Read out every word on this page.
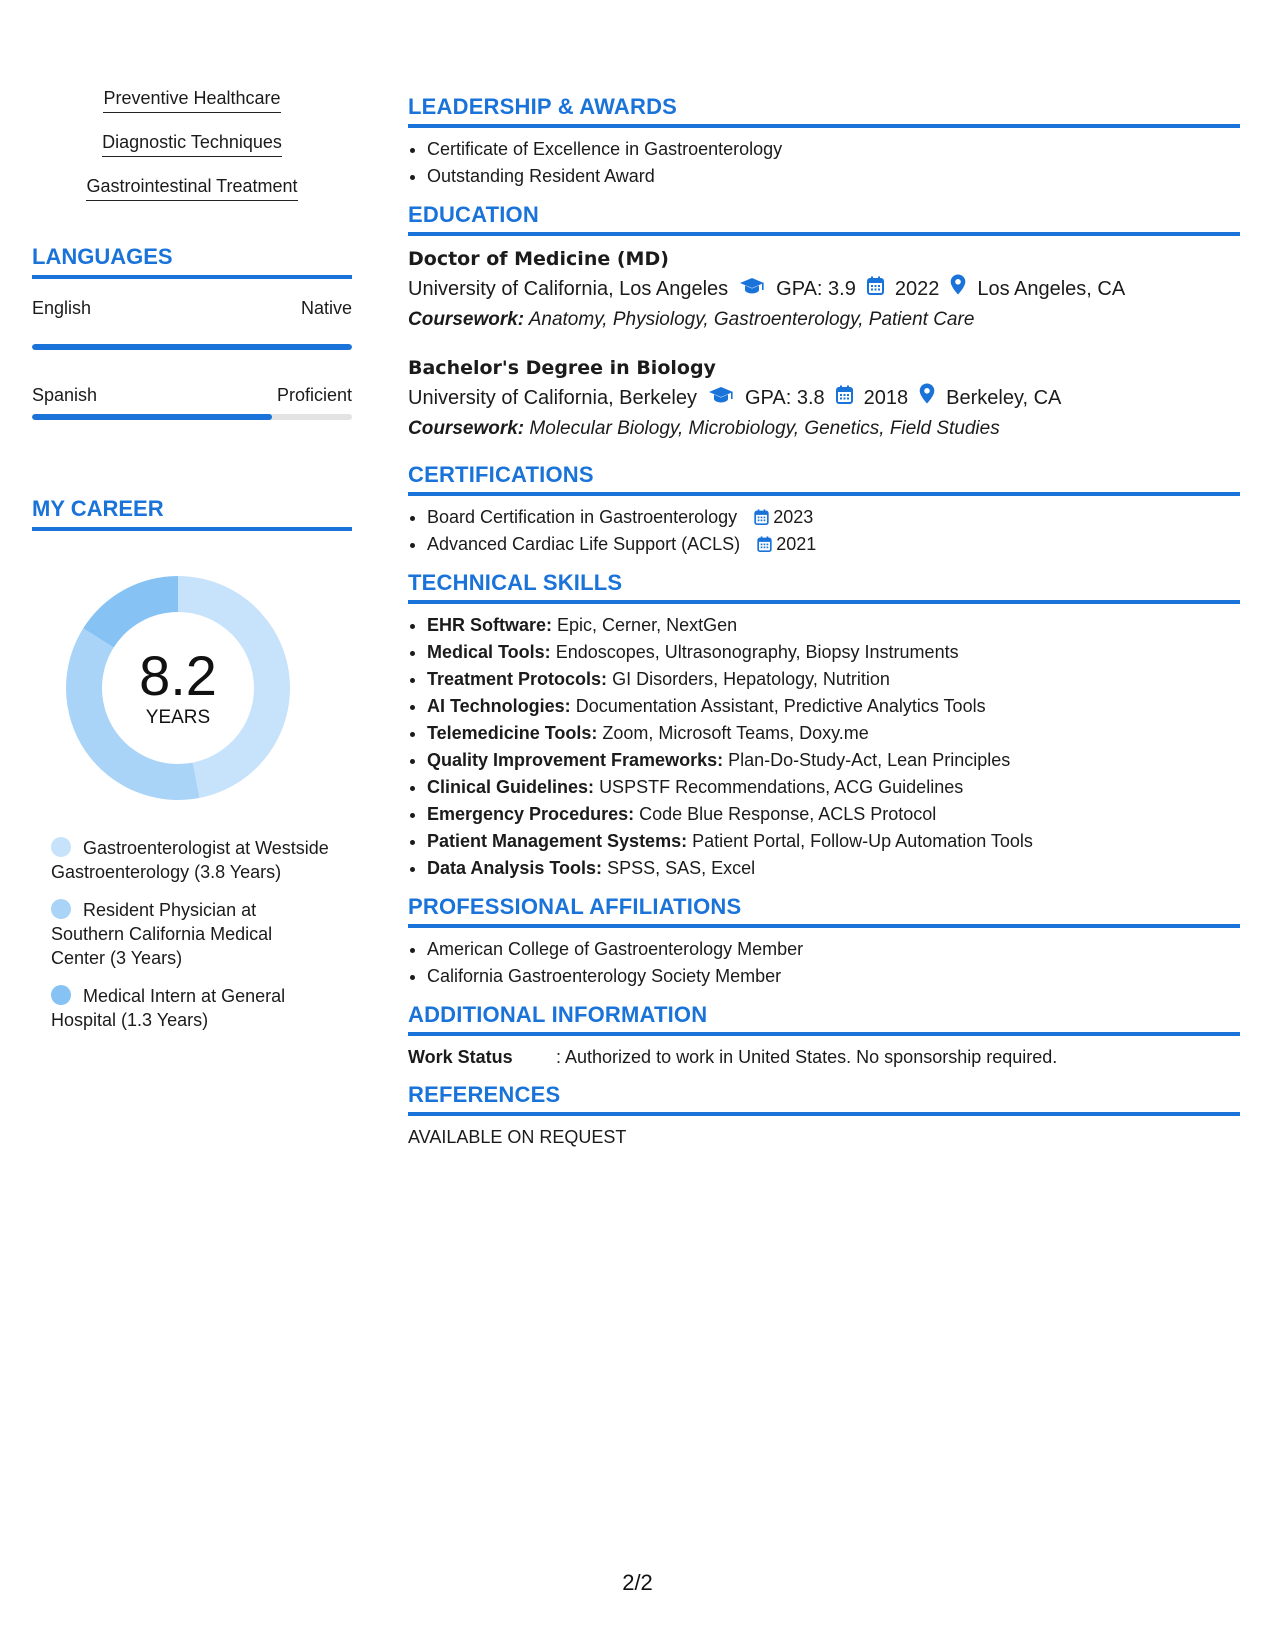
Preventive Healthcare
Diagnostic Techniques
Gastrointestinal Treatment
LANGUAGES
English	Native
Spanish	Proficient
MY CAREER
8.2
YEARS
Gastroenterologist at Westside Gastroenterology (3.8 Years)
Resident Physician at Southern California Medical Center (3 Years)
Medical Intern at General Hospital (1.3 Years)
LEADERSHIP & AWARDS
• Certificate of Excellence in Gastroenterology
• Outstanding Resident Award
EDUCATION
Doctor of Medicine (MD)
University of California, Los Angeles GPA: 3.9 2022 Los Angeles, CA
Coursework: Anatomy, Physiology, Gastroenterology, Patient Care
Bachelor's Degree in Biology
University of California, Berkeley GPA: 3.8 2018 Berkeley, CA
Coursework: Molecular Biology, Microbiology, Genetics, Field Studies
CERTIFICATIONS
• Board Certification in Gastroenterology 2023
• Advanced Cardiac Life Support (ACLS) 2021
TECHNICAL SKILLS
• EHR Software: Epic, Cerner, NextGen
• Medical Tools: Endoscopes, Ultrasonography, Biopsy Instruments
• Treatment Protocols: GI Disorders, Hepatology, Nutrition
• AI Technologies: Documentation Assistant, Predictive Analytics Tools
• Telemedicine Tools: Zoom, Microsoft Teams, Doxy.me
• Quality Improvement Frameworks: Plan-Do-Study-Act, Lean Principles
• Clinical Guidelines: USPSTF Recommendations, ACG Guidelines
• Emergency Procedures: Code Blue Response, ACLS Protocol
• Patient Management Systems: Patient Portal, Follow-Up Automation Tools
• Data Analysis Tools: SPSS, SAS, Excel
PROFESSIONAL AFFILIATIONS
• American College of Gastroenterology Member
• California Gastroenterology Society Member
ADDITIONAL INFORMATION
Work Status	: Authorized to work in United States. No sponsorship required.
REFERENCES
AVAILABLE ON REQUEST
2/2
